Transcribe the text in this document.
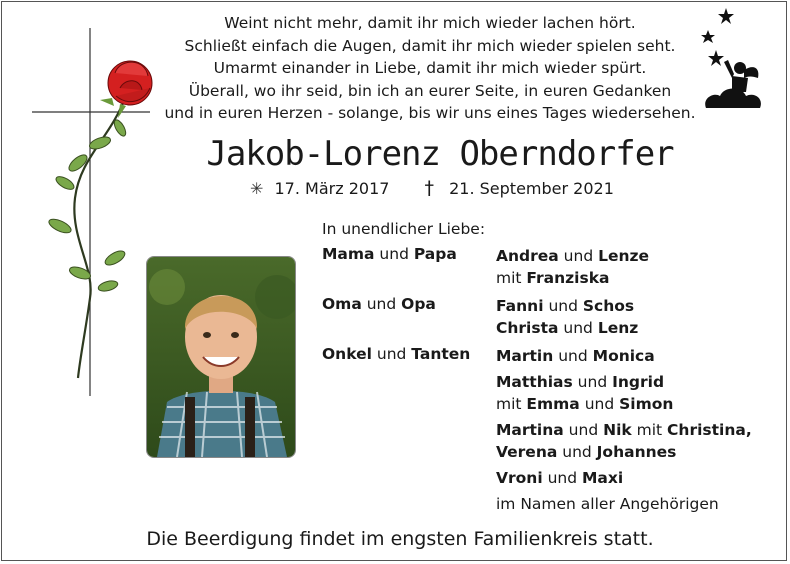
Weint nicht mehr, damit ihr mich wieder lachen hört.
Schließt einfach die Augen, damit ihr mich wieder spielen seht.
Umarmt einander in Liebe, damit ihr mich wieder spürt.
Überall, wo ihr seid, bin ich an eurer Seite, in euren Gedanken
und in euren Herzen - solange, bis wir uns eines Tages wiedersehen.
Jakob-Lorenz Oberndorfer
✳ 17. März 2017 † 21. September 2021
In unendlicher Liebe:
Mama und Papa
Oma und Opa
Onkel und Tanten
Andrea und Lenze
mit Franziska
Fanni und Schos
Christa und Lenz
Martin und Monica
Matthias und Ingrid
mit Emma und Simon
Martina und Nik mit Christina,
Verena und Johannes
Vroni und Maxi
im Namen aller Angehörigen
Die Beerdigung findet im engsten Familienkreis statt.
